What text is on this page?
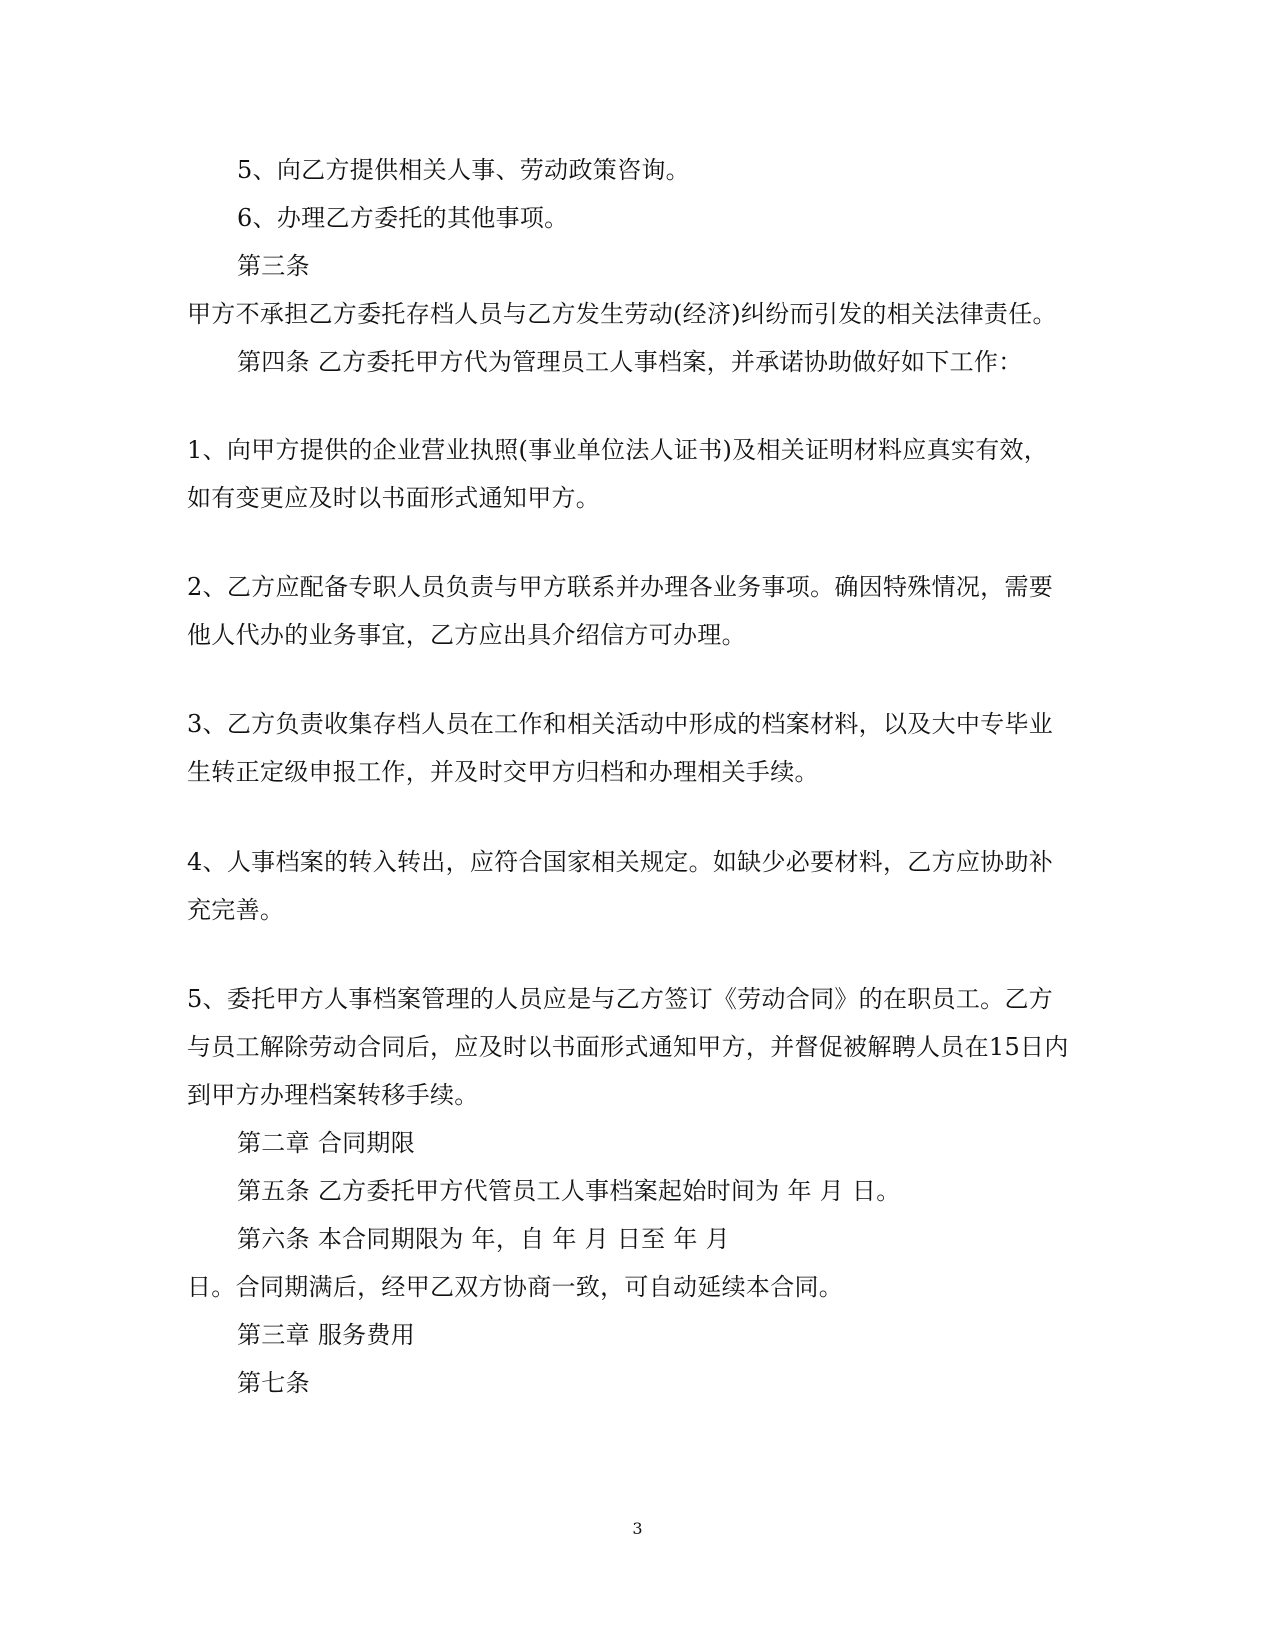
5、向乙方提供相关人事、劳动政策咨询。
6、办理乙方委托的其他事项。
第三条
甲方不承担乙方委托存档人员与乙方发生劳动(经济)纠纷而引发的相关法律责任。
第四条 乙方委托甲方代为管理员工人事档案，并承诺协助做好如下工作：
1、向甲方提供的企业营业执照(事业单位法人证书)及相关证明材料应真实有效，
如有变更应及时以书面形式通知甲方。
2、乙方应配备专职人员负责与甲方联系并办理各业务事项。确因特殊情况，需要
他人代办的业务事宜，乙方应出具介绍信方可办理。
3、乙方负责收集存档人员在工作和相关活动中形成的档案材料，以及大中专毕业
生转正定级申报工作，并及时交甲方归档和办理相关手续。
4、人事档案的转入转出，应符合国家相关规定。如缺少必要材料，乙方应协助补
充完善。
5、委托甲方人事档案管理的人员应是与乙方签订《劳动合同》的在职员工。乙方
与员工解除劳动合同后，应及时以书面形式通知甲方，并督促被解聘人员在15日内
到甲方办理档案转移手续。
第二章 合同期限
第五条 乙方委托甲方代管员工人事档案起始时间为 年 月 日。
第六条 本合同期限为 年，自 年 月 日至 年 月
日。合同期满后，经甲乙双方协商一致，可自动延续本合同。
第三章 服务费用
第七条
3
